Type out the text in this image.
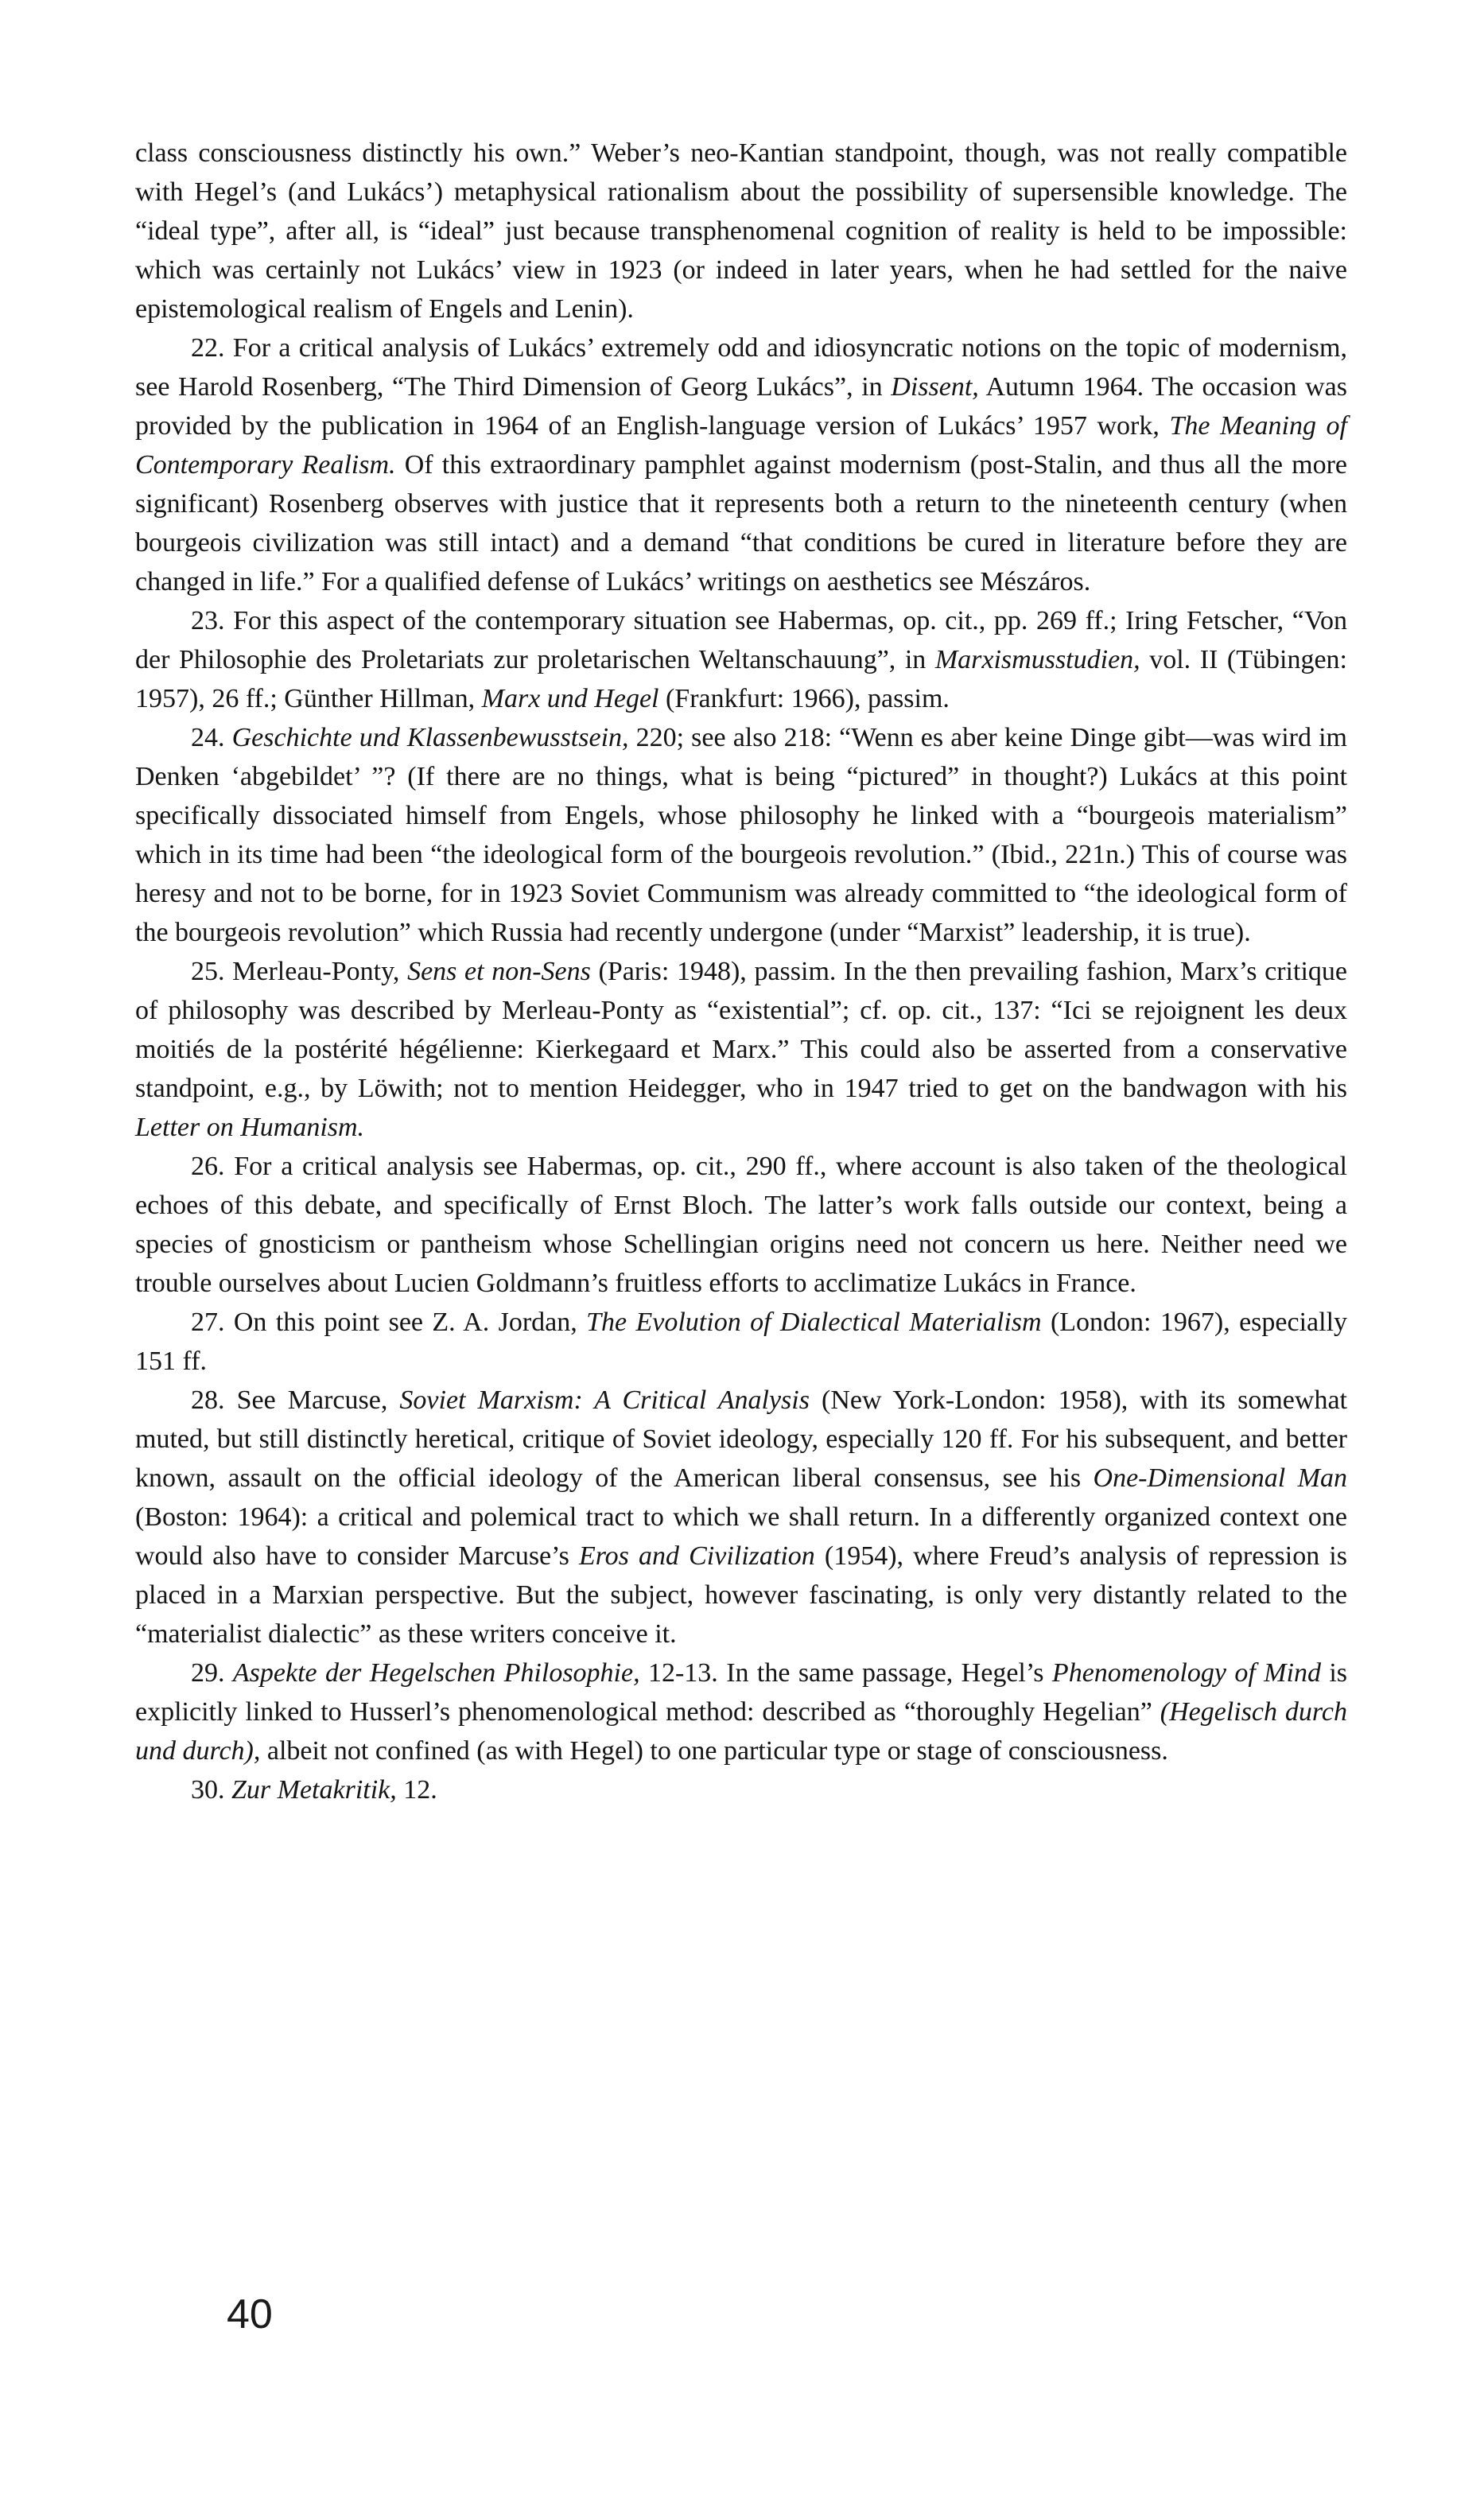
class consciousness distinctly his own.” Weber’s neo-Kantian standpoint, though, was not really compatible with Hegel’s (and Lukács’) metaphysical rationalism about the possibility of supersensible knowledge. The “ideal type”, after all, is “ideal” just because transphenomenal cognition of reality is held to be impossible: which was certainly not Lukács’ view in 1923 (or indeed in later years, when he had settled for the naive epistemological realism of Engels and Lenin).

22. For a critical analysis of Lukács’ extremely odd and idiosyncratic notions on the topic of modernism, see Harold Rosenberg, “The Third Dimension of Georg Lukács”, in Dissent, Autumn 1964. The occasion was provided by the publication in 1964 of an English-language version of Lukács’ 1957 work, The Meaning of Contemporary Realism. Of this extraordinary pamphlet against modernism (post-Stalin, and thus all the more significant) Rosenberg observes with justice that it represents both a return to the nineteenth century (when bourgeois civilization was still intact) and a demand “that conditions be cured in literature before they are changed in life.” For a qualified defense of Lukács’ writings on aesthetics see Mészáros.

23. For this aspect of the contemporary situation see Habermas, op. cit., pp. 269 ff.; Iring Fetscher, “Von der Philosophie des Proletariats zur proletarischen Weltanschauung”, in Marxismusstudien, vol. II (Tübingen: 1957), 26 ff.; Günther Hillman, Marx und Hegel (Frankfurt: 1966), passim.

24. Geschichte und Klassenbewusstsein, 220; see also 218: “Wenn es aber keine Dinge gibt—was wird im Denken ‘abgebildet’ ”? (If there are no things, what is being “pictured” in thought?) Lukács at this point specifically dissociated himself from Engels, whose philosophy he linked with a “bourgeois materialism” which in its time had been “the ideological form of the bourgeois revolution.” (Ibid., 221n.) This of course was heresy and not to be borne, for in 1923 Soviet Communism was already committed to “the ideological form of the bourgeois revolution” which Russia had recently undergone (under “Marxist” leadership, it is true).

25. Merleau-Ponty, Sens et non-Sens (Paris: 1948), passim. In the then prevailing fashion, Marx’s critique of philosophy was described by Merleau-Ponty as “existential”; cf. op. cit., 137: “Ici se rejoignent les deux moitiés de la postérité hégélienne: Kierkegaard et Marx.” This could also be asserted from a conservative standpoint, e.g., by Löwith; not to mention Heidegger, who in 1947 tried to get on the bandwagon with his Letter on Humanism.

26. For a critical analysis see Habermas, op. cit., 290 ff., where account is also taken of the theological echoes of this debate, and specifically of Ernst Bloch. The latter’s work falls outside our context, being a species of gnosticism or pantheism whose Schellingian origins need not concern us here. Neither need we trouble ourselves about Lucien Goldmann’s fruitless efforts to acclimatize Lukács in France.

27. On this point see Z. A. Jordan, The Evolution of Dialectical Materialism (London: 1967), especially 151 ff.

28. See Marcuse, Soviet Marxism: A Critical Analysis (New York-London: 1958), with its somewhat muted, but still distinctly heretical, critique of Soviet ideology, especially 120 ff. For his subsequent, and better known, assault on the official ideology of the American liberal consensus, see his One-Dimensional Man (Boston: 1964): a critical and polemical tract to which we shall return. In a differently organized context one would also have to consider Marcuse’s Eros and Civilization (1954), where Freud’s analysis of repression is placed in a Marxian perspective. But the subject, however fascinating, is only very distantly related to the “materialist dialectic” as these writers conceive it.

29. Aspekte der Hegelschen Philosophie, 12-13. In the same passage, Hegel’s Phenomenology of Mind is explicitly linked to Husserl’s phenomenological method: described as “thoroughly Hegelian” (Hegelisch durch und durch), albeit not confined (as with Hegel) to one particular type or stage of consciousness.

30. Zur Metakritik, 12.

40
